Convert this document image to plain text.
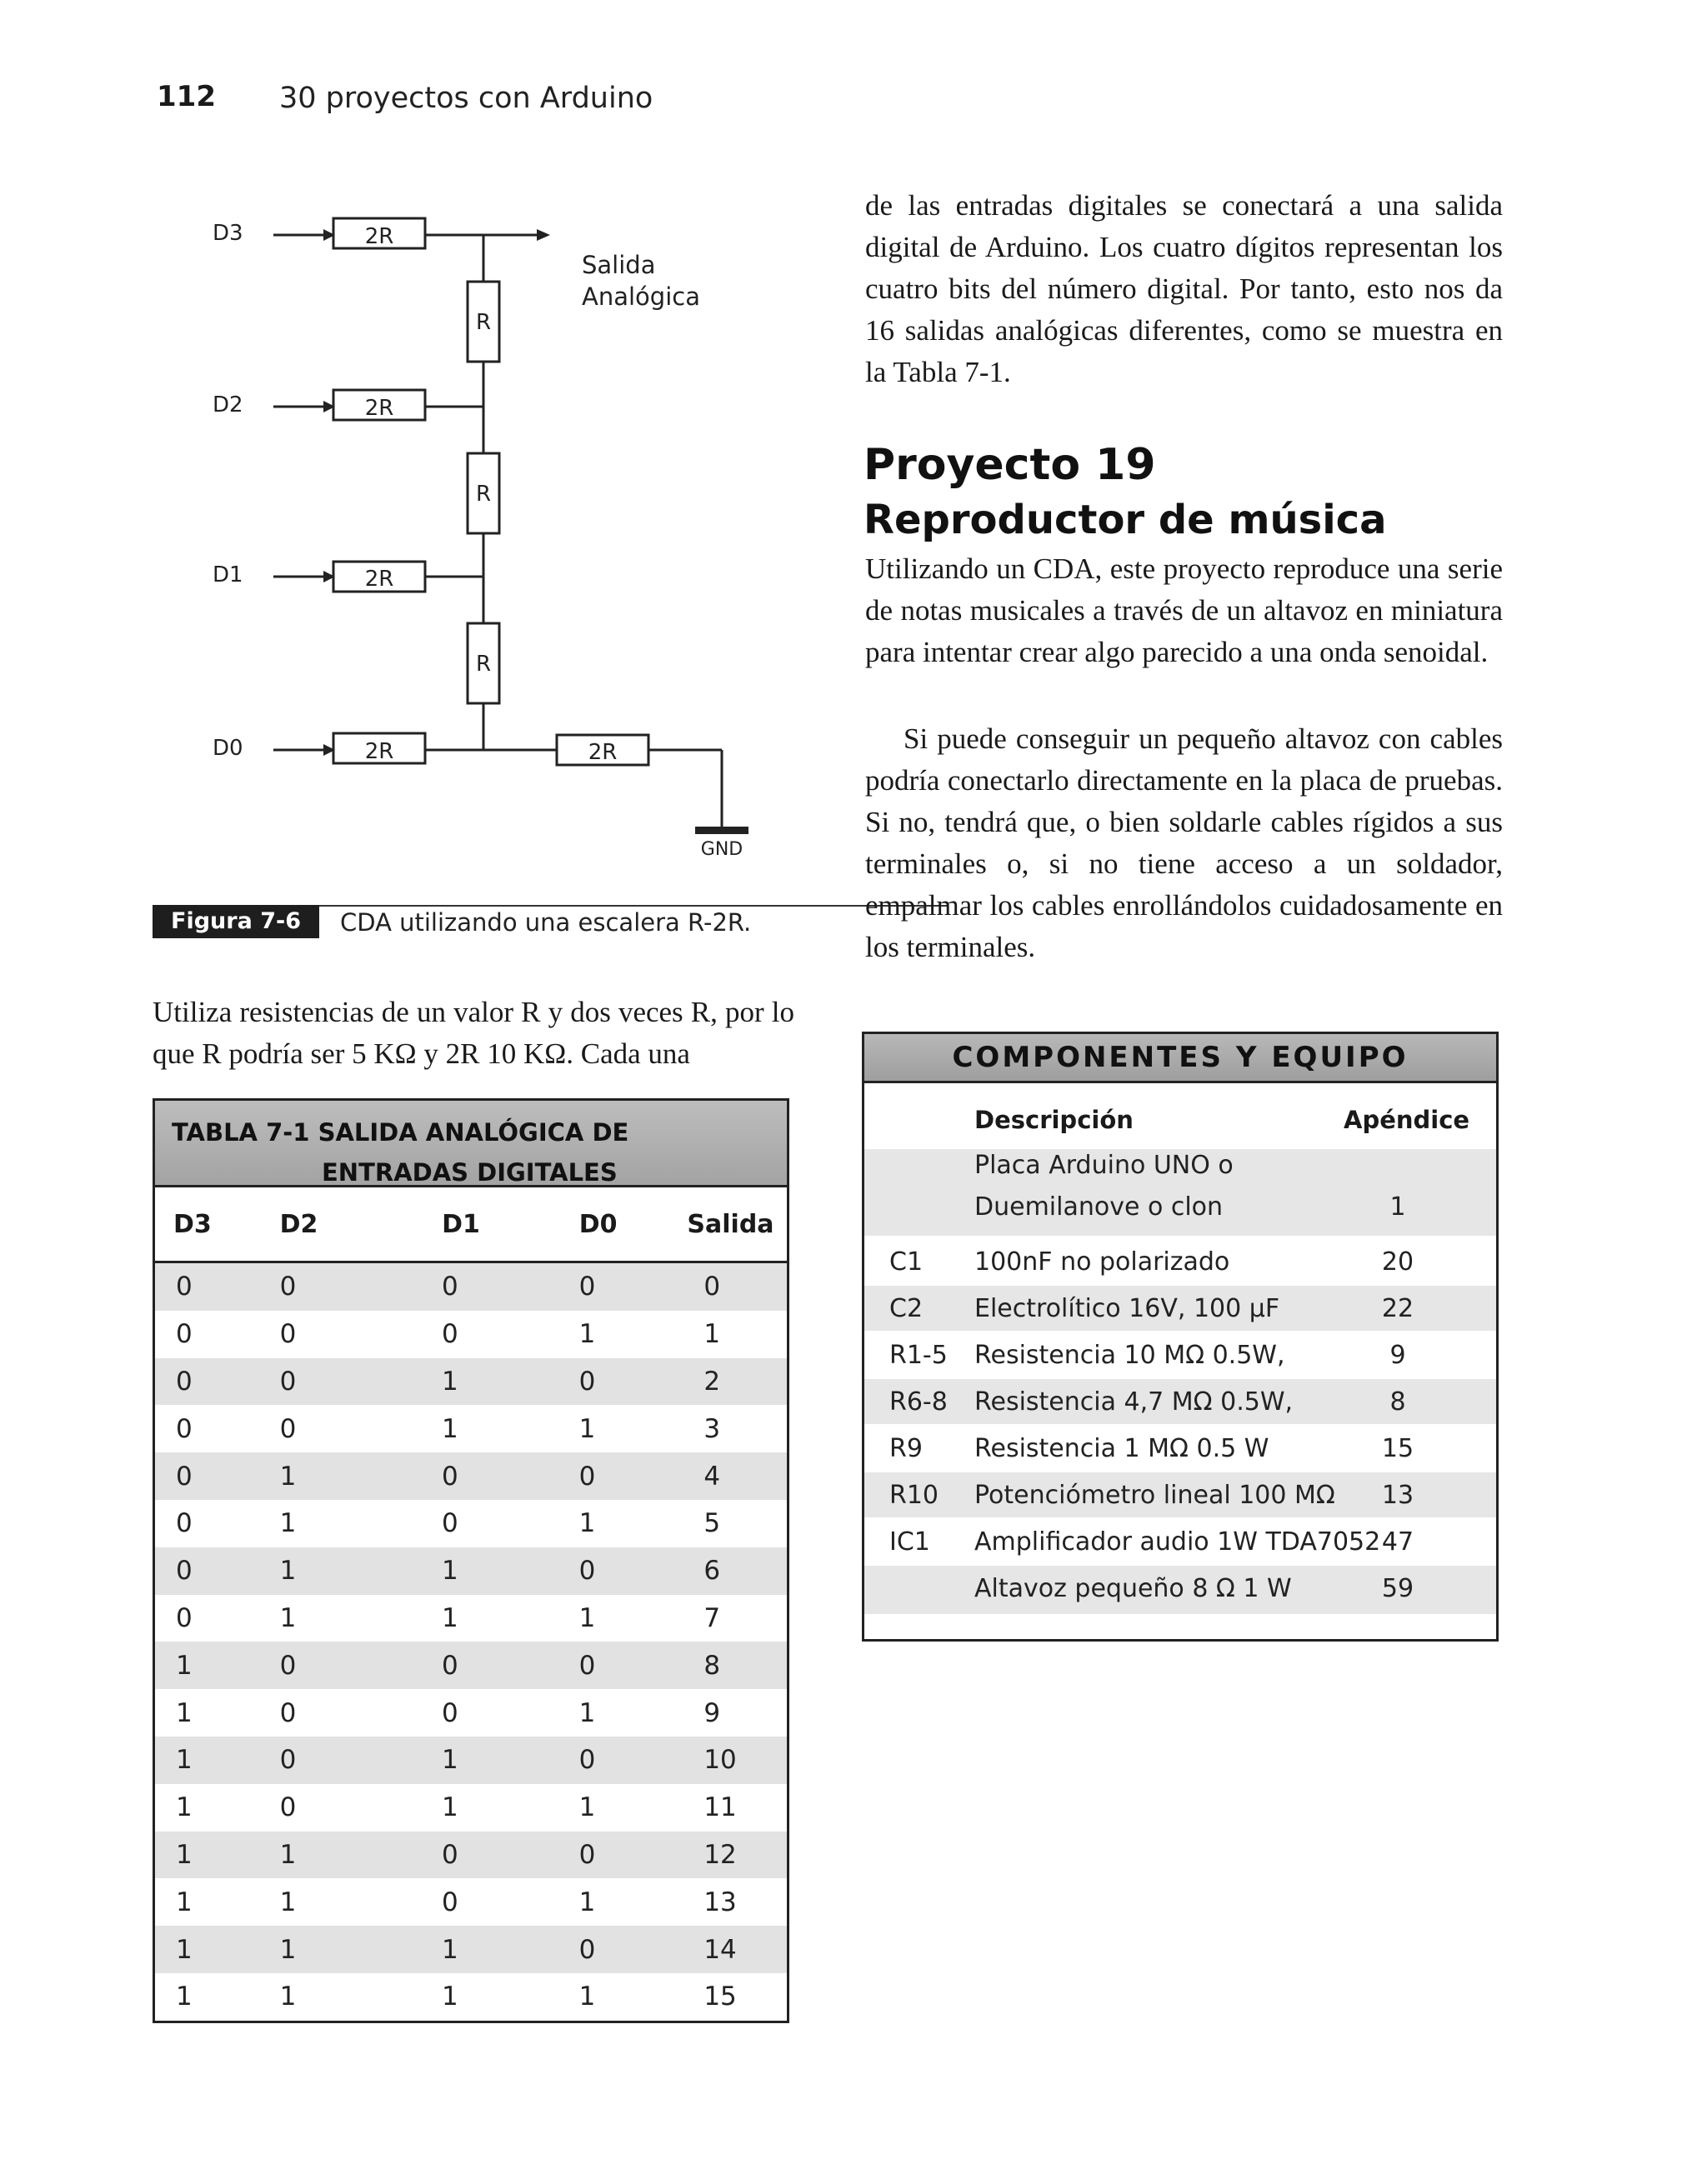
112 30 proyectos con Arduino
D3
D2
D1
D0
2R
2R
2R
2R	2R
R
R
R
Salida
Analógica
GND
Figura 7-6	CDA utilizando una escalera R-2R.
Utiliza resistencias de un valor R y dos veces R, por lo que R podría ser 5 KΩ y 2R 10 KΩ. Cada una
TABLA 7-1 SALIDA ANALÓGICA DE
ENTRADAS DIGITALES
D3	D2	D1	D0	Salida
0	0	0	0	0
0	0	0	1	1
0	0	1	0	2
0	0	1	1	3
0	1	0	0	4
0	1	0	1	5
0	1	1	0	6
0	1	1	1	7
1	0	0	0	8
1	0	0	1	9
1	0	1	0	10
1	0	1	1	11
1	1	0	0	12
1	1	0	1	13
1	1	1	0	14
1	1	1	1	15
de las entradas digitales se conectará a una salida digital de Arduino. Los cuatro dígitos representan los cuatro bits del número digital. Por tanto, esto nos da 16 salidas analógicas diferentes, como se muestra en la Tabla 7-1.
Proyecto 19
Reproductor de música
Utilizando un CDA, este proyecto reproduce una serie de notas musicales a través de un altavoz en miniatura para intentar crear algo parecido a una onda senoidal.
Si puede conseguir un pequeño altavoz con cables podría conectarlo directamente en la placa de pruebas. Si no, tendrá que, o bien soldarle cables rígidos a sus terminales o, si no tiene acceso a un soldador, empalmar los cables enrollándolos cuidadosamente en los terminales.
COMPONENTES Y EQUIPO
Descripción	Apéndice
Placa Arduino UNO o
Duemilanove o clon	1
C1 100nF no polarizado	20
C2 Electrolítico 16V, 100 µF	22
R1-5 Resistencia 10 MΩ 0.5W,	9
R6-8 Resistencia 4,7 MΩ 0.5W,	8
R9 Resistencia 1 MΩ 0.5 W	15
R10 Potenciómetro lineal 100 MΩ	13
IC1 Amplificador audio 1W TDA7052 47
Altavoz pequeño 8 Ω 1 W	59
